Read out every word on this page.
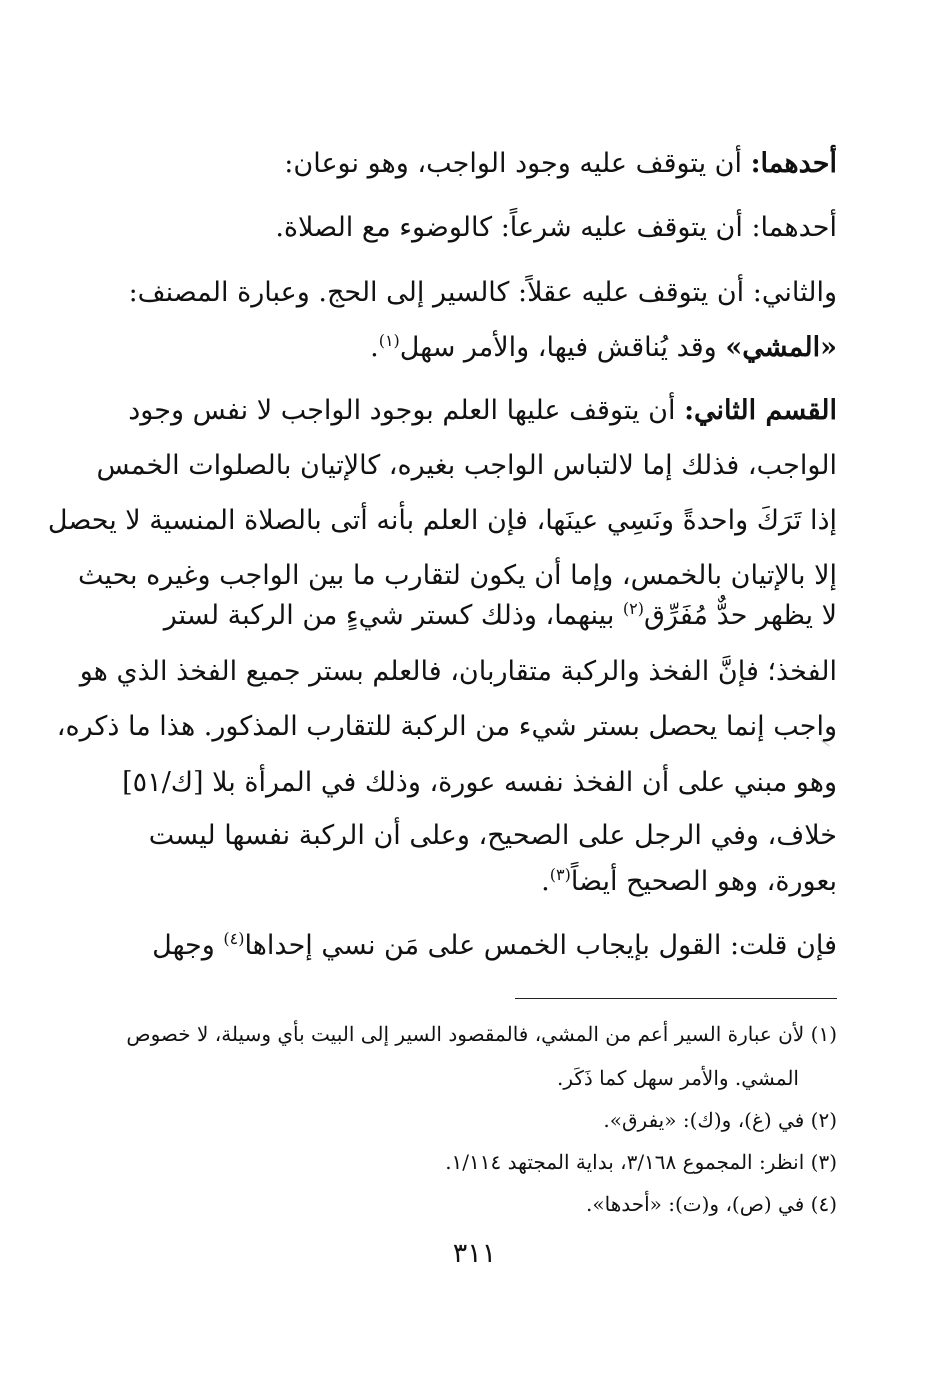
أحدهما: أن يتوقف عليه وجود الواجب، وهو نوعان:
أحدهما: أن يتوقف عليه شرعاً: كالوضوء مع الصلاة.
والثاني: أن يتوقف عليه عقلاً: كالسير إلى الحج. وعبارة المصنف:
«المشي» وقد يُناقش فيها، والأمر سهل$^{(١)}$.
القسم الثاني: أن يتوقف عليها العلم بوجود الواجب لا نفس وجود
الواجب، فذلك إما لالتباس الواجب بغيره، كالإتيان بالصلوات الخمس
إذا تَرَكَ واحدةً ونَسِي عينَها، فإن العلم بأنه أتى بالصلاة المنسية لا يحصل
إلا بالإتيان بالخمس، وإما أن يكون لتقارب ما بين الواجب وغيره بحيث
لا يظهر حدٌّ مُفَرِّق$^{(٢)}$ بينهما، وذلك كستر شيءٍ من الركبة لستر
الفخذ؛ فإنَّ الفخذ والركبة متقاربان، فالعلم بستر جميع الفخذ الذي هو
واجب إنما يحصل بستر شيء من الركبة للتقارب المذكور. هذا ما ذكره،
وهو مبني على أن الفخذ نفسه عورة، وذلك في المرأة بلا [ك/٥١]
خلاف، وفي الرجل على الصحيح، وعلى أن الركبة نفسها ليست
بعورة، وهو الصحيح أيضاً$^{(٣)}$.
فإن قلت: القول بإيجاب الخمس على مَن نسي إحداها$^{(٤)}$ وجهل
(١) لأن عبارة السير أعم من المشي، فالمقصود السير إلى البيت بأي وسيلة، لا خصوص
المشي. والأمر سهل كما ذَكَر.
(٢) في (غ)، و(ك): «يفرق».
(٣) انظر: المجموع ٣/١٦٨، بداية المجتهد ١/١١٤.
(٤) في (ص)، و(ت): «أحدها».
٣١١
